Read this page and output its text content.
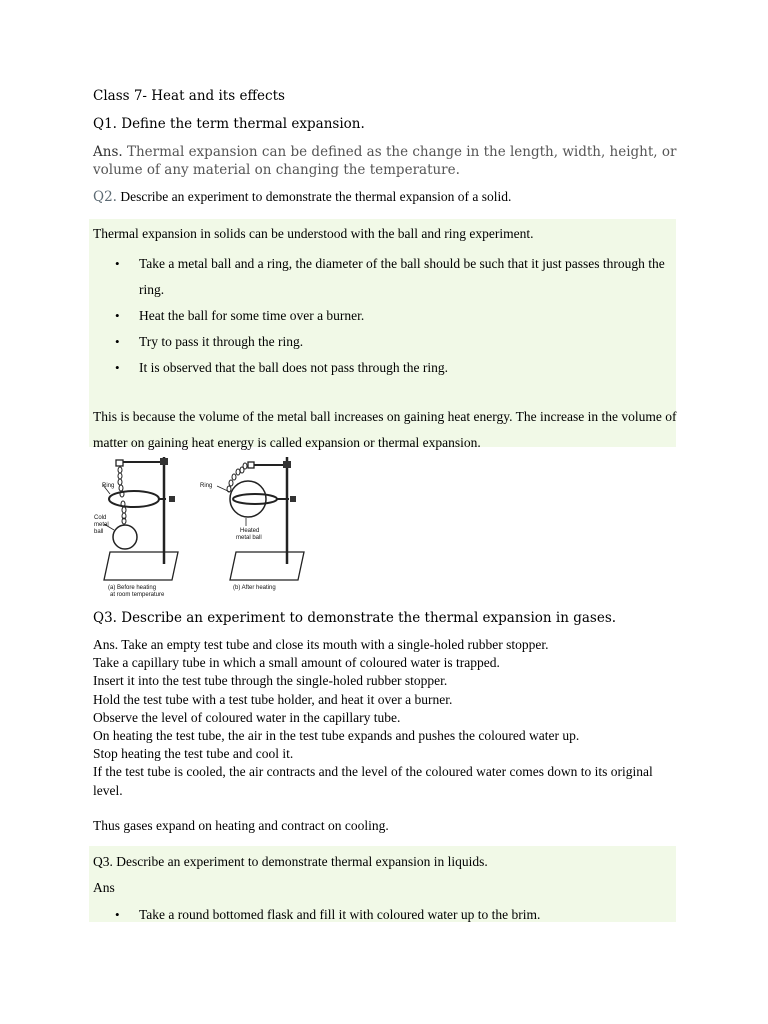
Class 7- Heat and its effects
Q1. Define the term thermal expansion.
Ans. Thermal expansion can be defined as the change in the length, width, height, or volume of any material on changing the temperature.
Q2. Describe an experiment to demonstrate the thermal expansion of a solid.
Thermal expansion in solids can be understood with the ball and ring experiment.
• Take a metal ball and a ring, the diameter of the ball should be such that it just passes through the ring.
• Heat the ball for some time over a burner.
• Try to pass it through the ring.
• It is observed that the ball does not pass through the ring.
This is because the volume of the metal ball increases on gaining heat energy. The increase in the volume of matter on gaining heat energy is called expansion or thermal expansion.
Ring
Cold
metal
ball
(a) Before heating
at room temperature
Ring
Heated
metal ball
(b) After heating
Q3. Describe an experiment to demonstrate the thermal expansion in gases.
Ans. Take an empty test tube and close its mouth with a single-holed rubber stopper.
Take a capillary tube in which a small amount of coloured water is trapped.
Insert it into the test tube through the single-holed rubber stopper.
Hold the test tube with a test tube holder, and heat it over a burner.
Observe the level of coloured water in the capillary tube.
On heating the test tube, the air in the test tube expands and pushes the coloured water up.
Stop heating the test tube and cool it.
If the test tube is cooled, the air contracts and the level of the coloured water comes down to its original level.
Thus gases expand on heating and contract on cooling.
Q3. Describe an experiment to demonstrate thermal expansion in liquids.
Ans
• Take a round bottomed flask and fill it with coloured water up to the brim.
